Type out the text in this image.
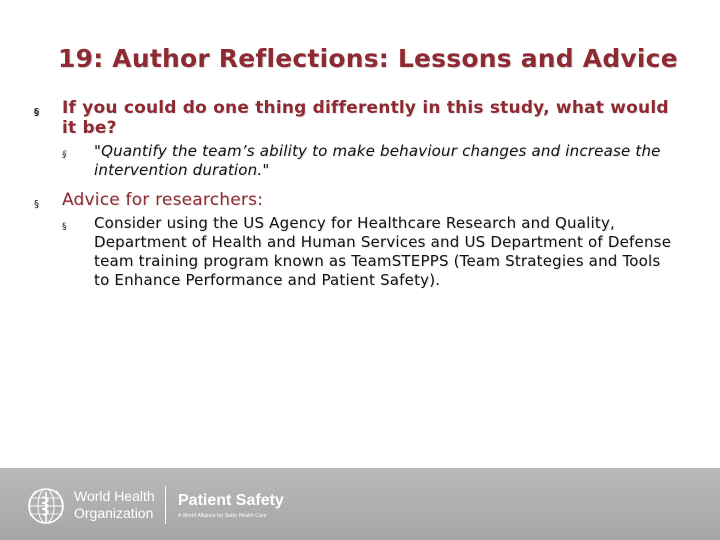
19: Author Reflections: Lessons and Advice
§ If you could do one thing differently in this study, what would it be?
§ "Quantify the team’s ability to make behaviour changes and increase the intervention duration."
§ Advice for researchers:
§ Consider using the US Agency for Healthcare Research and Quality, Department of Health and Human Services and US Department of Defense team training program known as TeamSTEPPS (Team Strategies and Tools to Enhance Performance and Patient Safety).
World Health
Organization
Patient Safety
A World Alliance for Safer Health Care
